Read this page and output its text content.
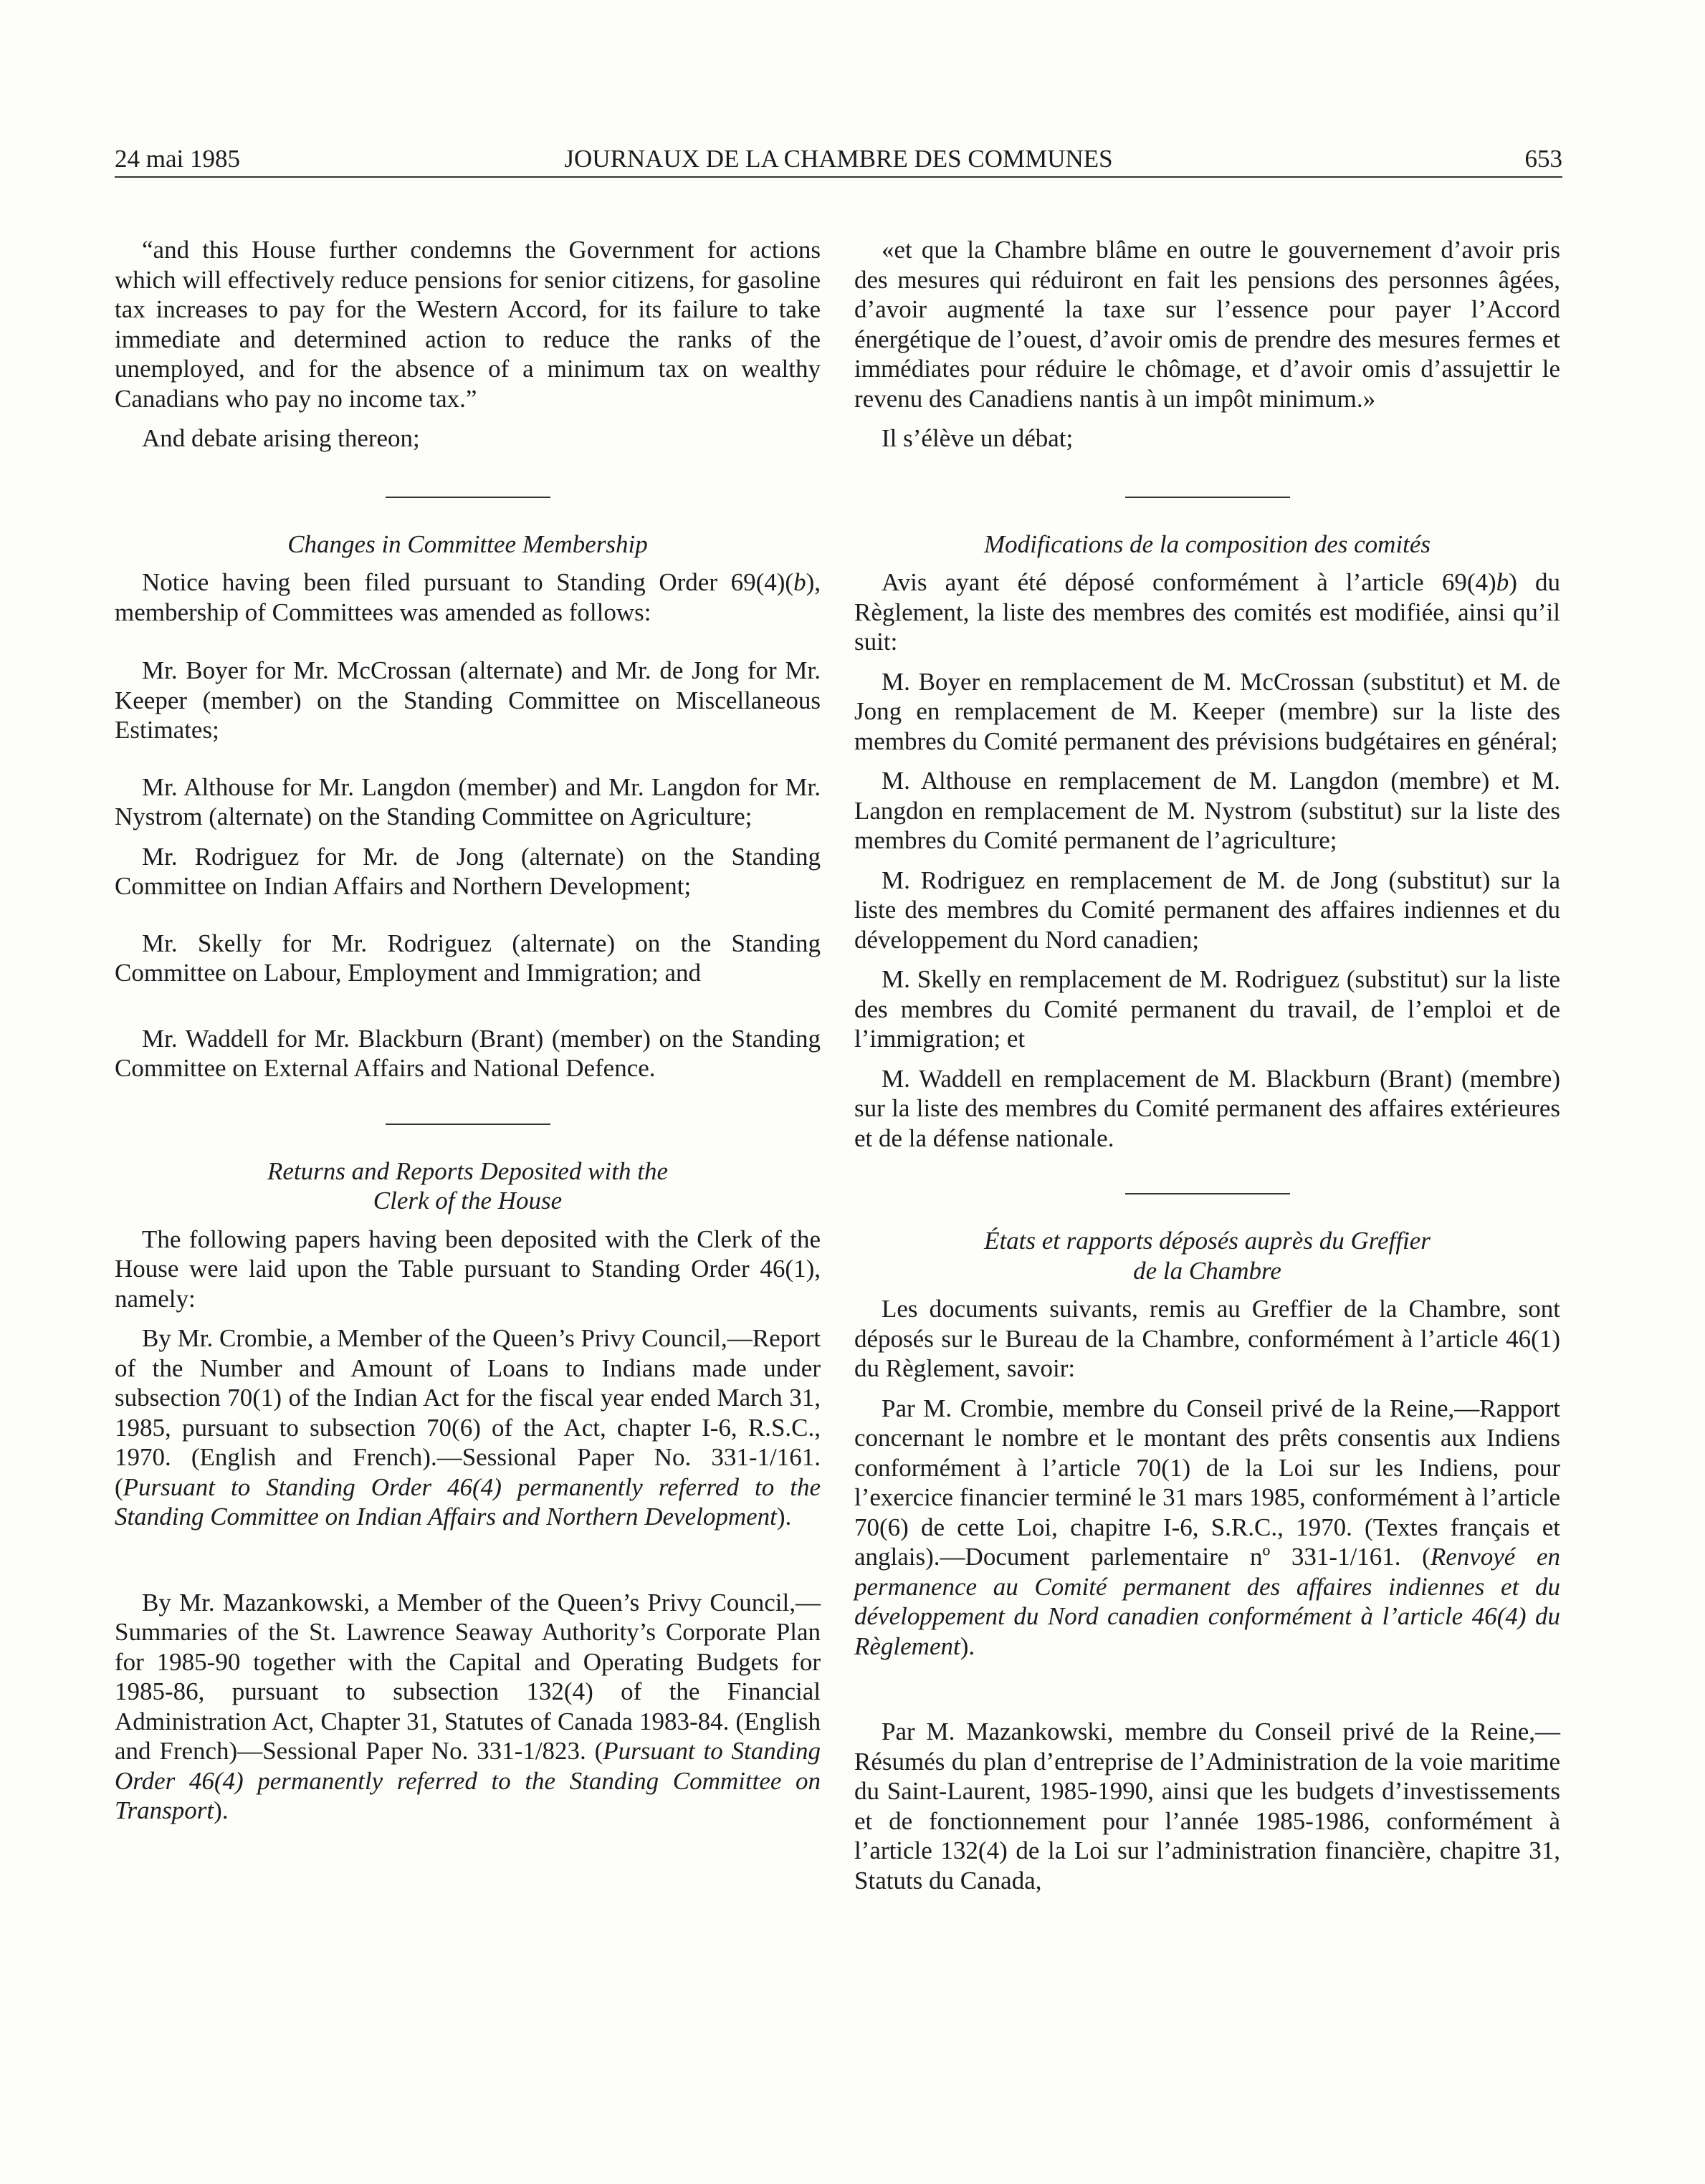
24 mai 1985	JOURNAUX DE LA CHAMBRE DES COMMUNES	653

“and this House further condemns the Government for actions which will effectively reduce pensions for senior citizens, for gasoline tax increases to pay for the Western Accord, for its failure to take immediate and determined action to reduce the ranks of the unemployed, and for the absence of a minimum tax on wealthy Canadians who pay no income tax.”

And debate arising thereon;

Changes in Committee Membership

Notice having been filed pursuant to Standing Order 69(4)(b), membership of Committees was amended as follows:

Mr. Boyer for Mr. McCrossan (alternate) and Mr. de Jong for Mr. Keeper (member) on the Standing Committee on Miscellaneous Estimates;

Mr. Althouse for Mr. Langdon (member) and Mr. Langdon for Mr. Nystrom (alternate) on the Standing Committee on Agriculture;

Mr. Rodriguez for Mr. de Jong (alternate) on the Standing Committee on Indian Affairs and Northern Development;

Mr. Skelly for Mr. Rodriguez (alternate) on the Standing Committee on Labour, Employment and Immigration; and

Mr. Waddell for Mr. Blackburn (Brant) (member) on the Standing Committee on External Affairs and National Defence.

Returns and Reports Deposited with the
Clerk of the House

The following papers having been deposited with the Clerk of the House were laid upon the Table pursuant to Standing Order 46(1), namely:

By Mr. Crombie, a Member of the Queen’s Privy Council,—Report of the Number and Amount of Loans to Indians made under subsection 70(1) of the Indian Act for the fiscal year ended March 31, 1985, pursuant to subsection 70(6) of the Act, chapter I-6, R.S.C., 1970. (English and French).—Sessional Paper No. 331-1/161. (Pursuant to Standing Order 46(4) permanently referred to the Standing Committee on Indian Affairs and Northern Development).

By Mr. Mazankowski, a Member of the Queen’s Privy Council,—Summaries of the St. Lawrence Seaway Authority’s Corporate Plan for 1985-90 together with the Capital and Operating Budgets for 1985-86, pursuant to subsection 132(4) of the Financial Administration Act, Chapter 31, Statutes of Canada 1983-84. (English and French)—Sessional Paper No. 331-1/823. (Pursuant to Standing Order 46(4) permanently referred to the Standing Committee on Transport).

«et que la Chambre blâme en outre le gouvernement d’avoir pris des mesures qui réduiront en fait les pensions des personnes âgées, d’avoir augmenté la taxe sur l’essence pour payer l’Accord énergétique de l’ouest, d’avoir omis de prendre des mesures fermes et immédiates pour réduire le chômage, et d’avoir omis d’assujettir le revenu des Canadiens nantis à un impôt minimum.»

Il s’élève un débat;

Modifications de la composition des comités

Avis ayant été déposé conformément à l’article 69(4)b) du Règlement, la liste des membres des comités est modifiée, ainsi qu’il suit:

M. Boyer en remplacement de M. McCrossan (substitut) et M. de Jong en remplacement de M. Keeper (membre) sur la liste des membres du Comité permanent des prévisions budgétaires en général;

M. Althouse en remplacement de M. Langdon (membre) et M. Langdon en remplacement de M. Nystrom (substitut) sur la liste des membres du Comité permanent de l’agriculture;

M. Rodriguez en remplacement de M. de Jong (substitut) sur la liste des membres du Comité permanent des affaires indiennes et du développement du Nord canadien;

M. Skelly en remplacement de M. Rodriguez (substitut) sur la liste des membres du Comité permanent du travail, de l’emploi et de l’immigration; et

M. Waddell en remplacement de M. Blackburn (Brant) (membre) sur la liste des membres du Comité permanent des affaires extérieures et de la défense nationale.

États et rapports déposés auprès du Greffier
de la Chambre

Les documents suivants, remis au Greffier de la Chambre, sont déposés sur le Bureau de la Chambre, conformément à l’article 46(1) du Règlement, savoir:

Par M. Crombie, membre du Conseil privé de la Reine,—Rapport concernant le nombre et le montant des prêts consentis aux Indiens conformément à l’article 70(1) de la Loi sur les Indiens, pour l’exercice financier terminé le 31 mars 1985, conformément à l’article 70(6) de cette Loi, chapitre I-6, S.R.C., 1970. (Textes français et anglais).—Document parlementaire nº 331-1/161. (Renvoyé en permanence au Comité permanent des affaires indiennes et du développement du Nord canadien conformément à l’article 46(4) du Règlement).

Par M. Mazankowski, membre du Conseil privé de la Reine,—Résumés du plan d’entreprise de l’Administration de la voie maritime du Saint-Laurent, 1985-1990, ainsi que les budgets d’investissements et de fonctionnement pour l’année 1985-1986, conformément à l’article 132(4) de la Loi sur l’administration financière, chapitre 31, Statuts du Canada,
